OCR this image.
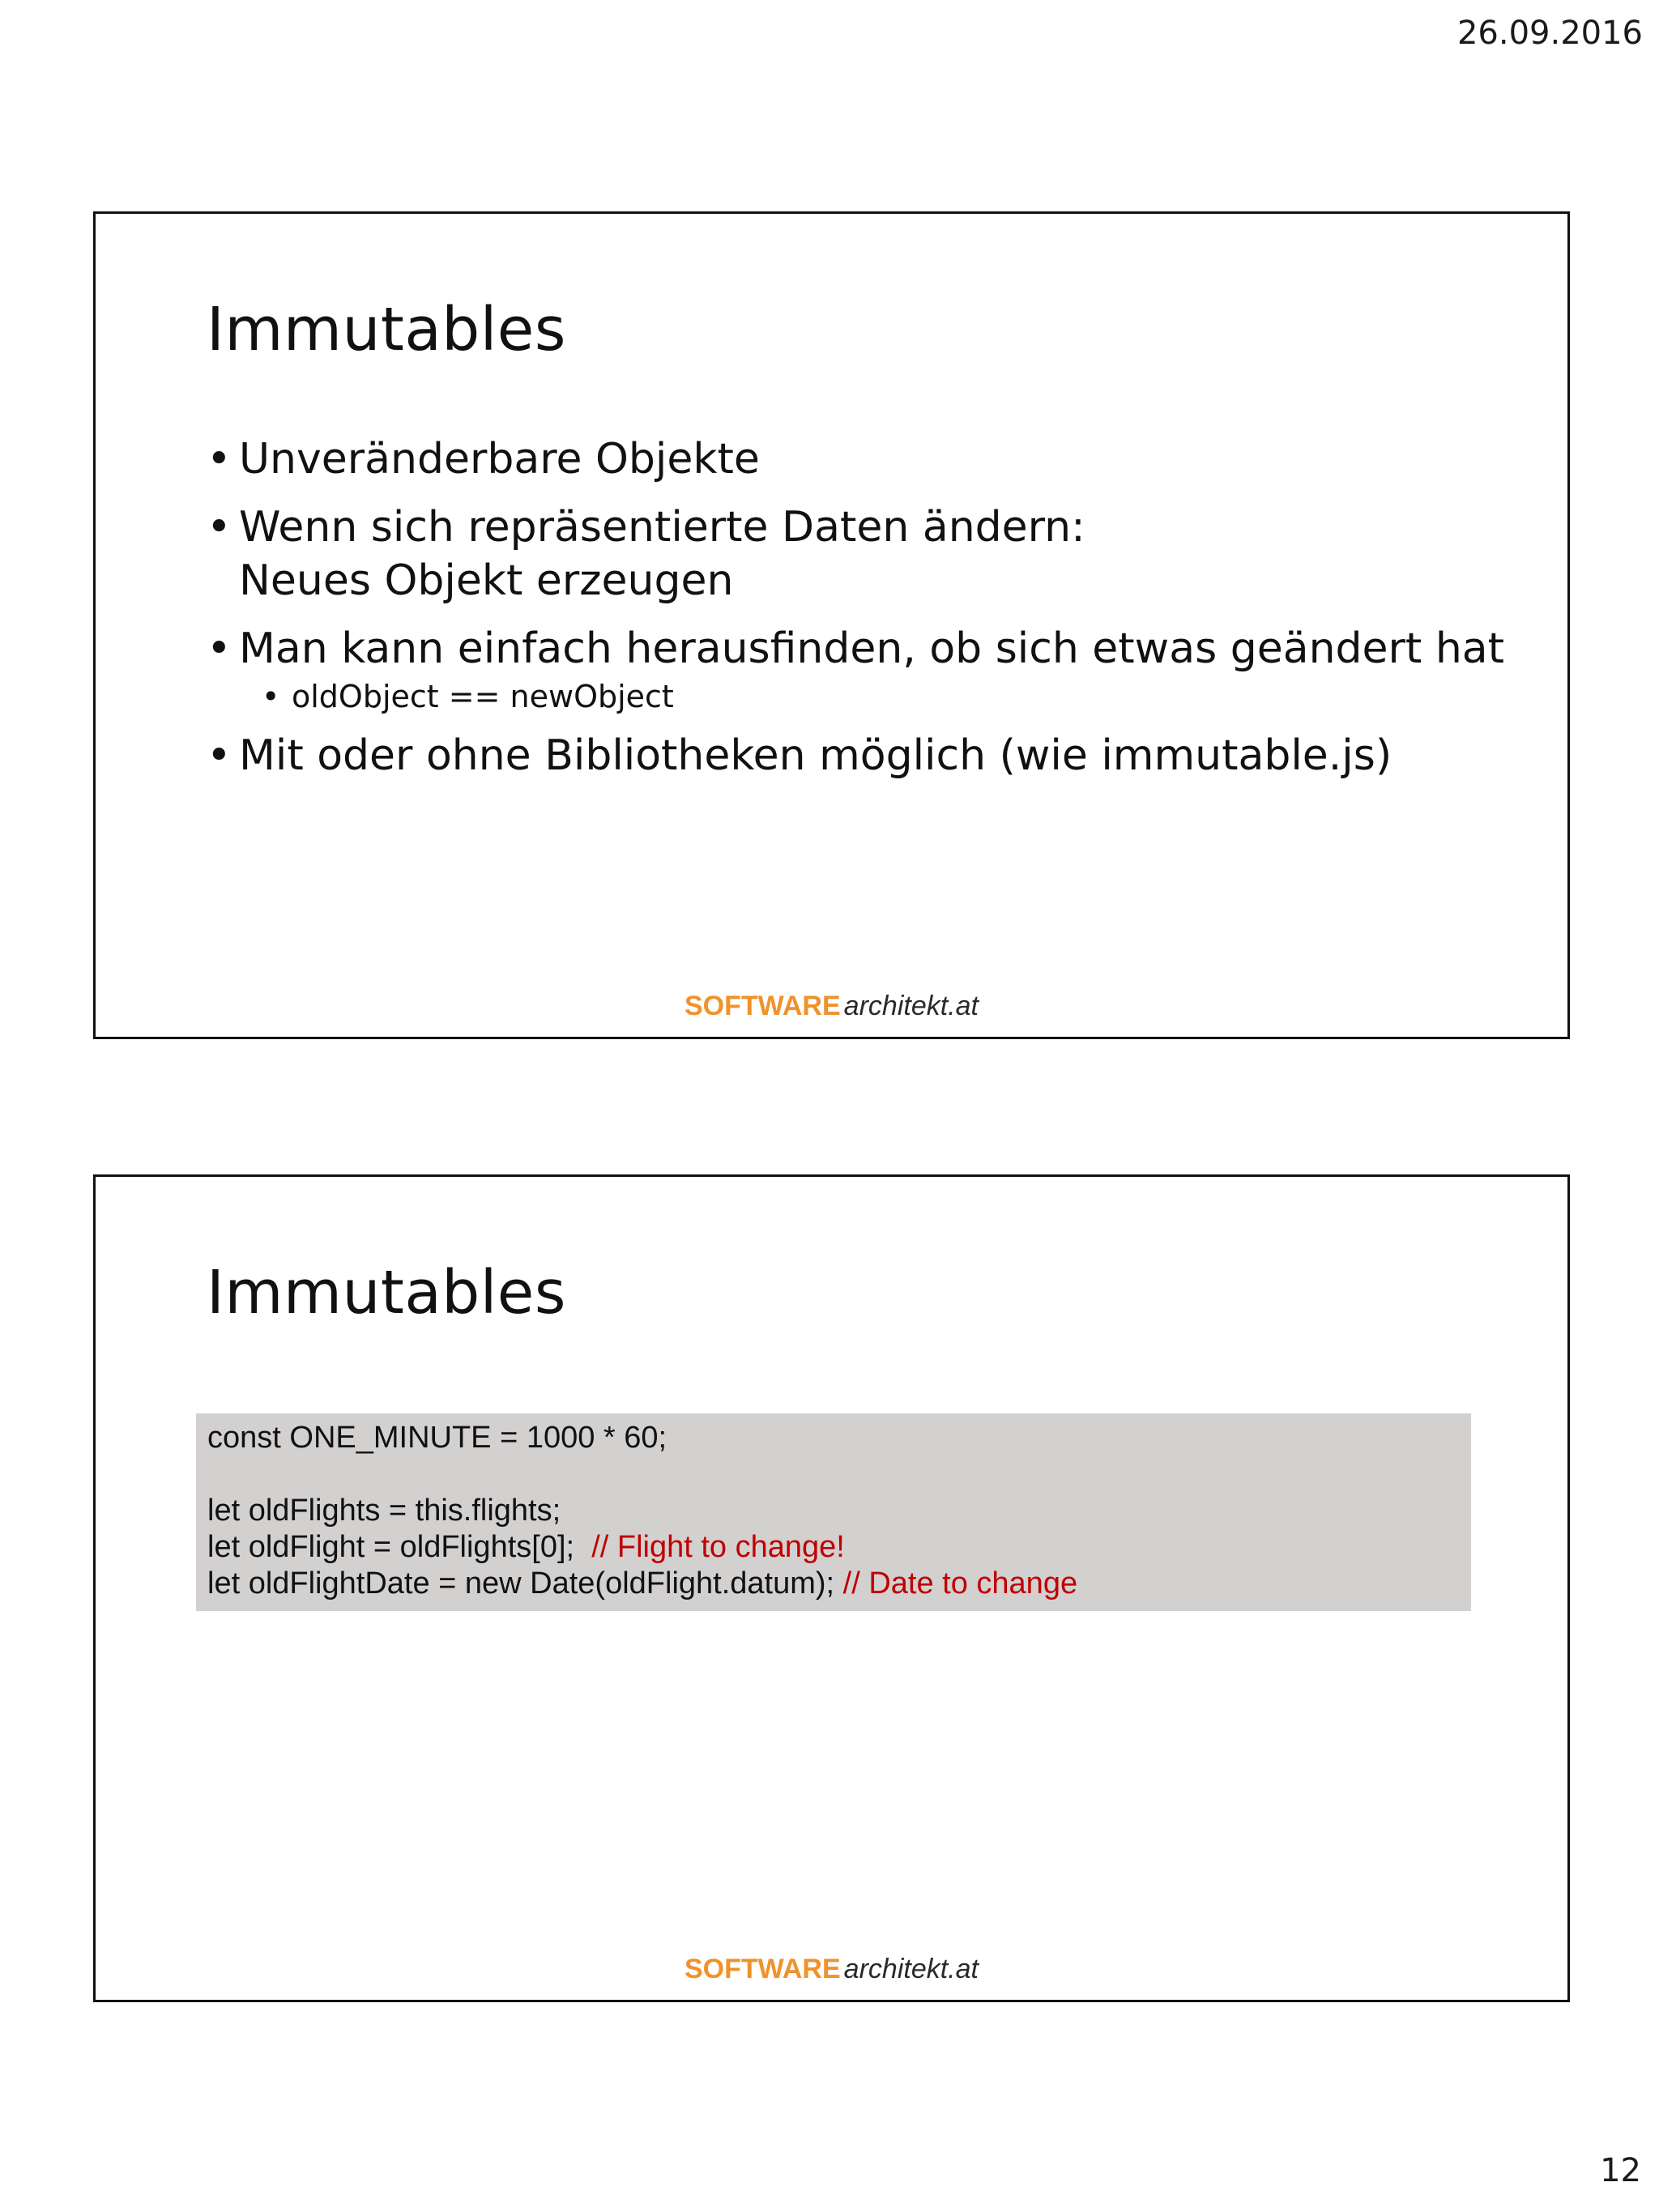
26.09.2016
Immutables
• Unveränderbare Objekte
• Wenn sich repräsentierte Daten ändern:
Neues Objekt erzeugen
• Man kann einfach herausfinden, ob sich etwas geändert hat
• oldObject == newObject
• Mit oder ohne Bibliotheken möglich (wie immutable.js)
SOFTWARE architekt.at
Immutables
const ONE_MINUTE = 1000 * 60;
let oldFlights = this.flights;
let oldFlight = oldFlights[0];  // Flight to change!
let oldFlightDate = new Date(oldFlight.datum); // Date to change
SOFTWARE architekt.at
12
